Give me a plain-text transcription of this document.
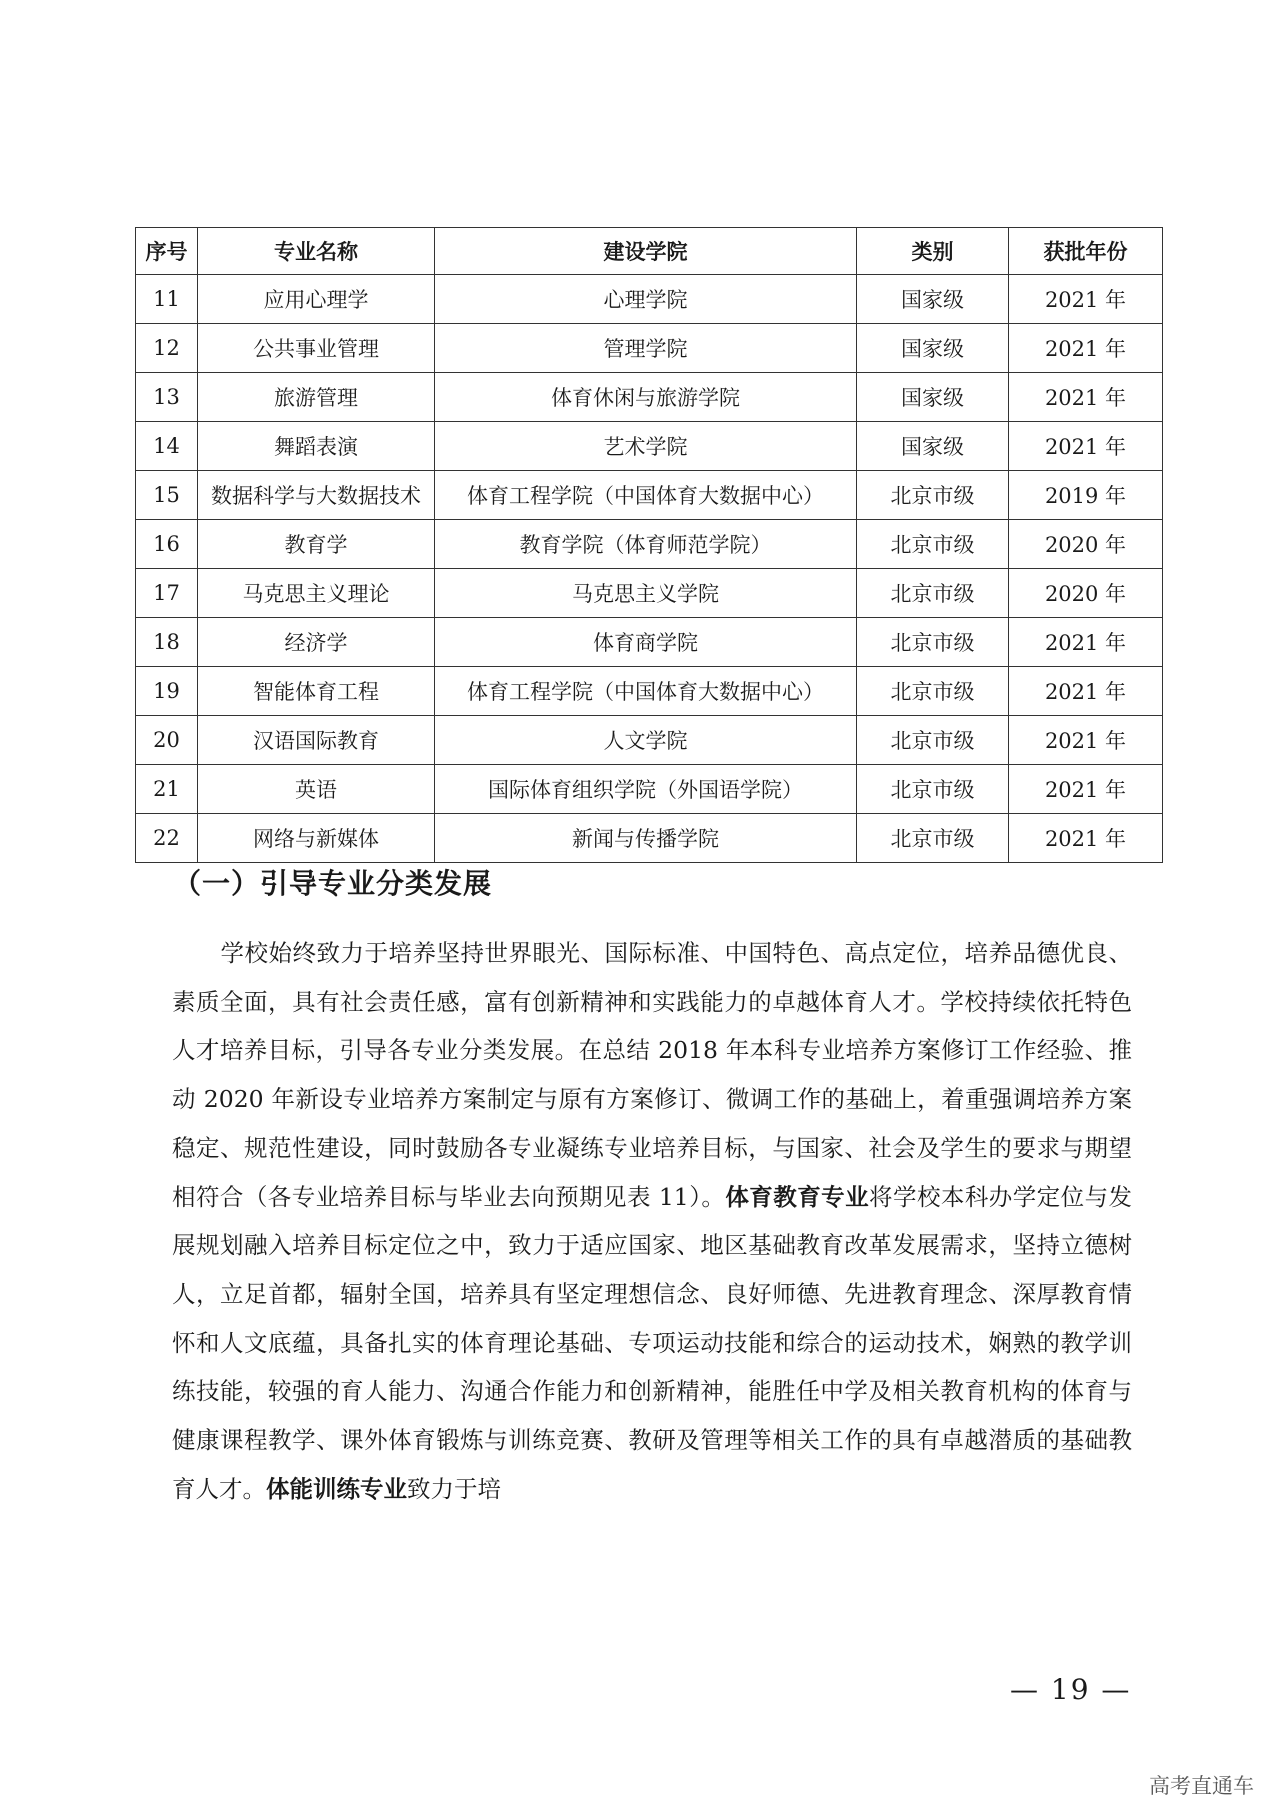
序号	专业名称	建设学院	类别	获批年份
11	应用心理学	心理学院	国家级	2021 年
12	公共事业管理	管理学院	国家级	2021 年
13	旅游管理	体育休闲与旅游学院	国家级	2021 年
14	舞蹈表演	艺术学院	国家级	2021 年
15	数据科学与大数据技术	体育工程学院（中国体育大数据中心）	北京市级	2019 年
16	教育学	教育学院（体育师范学院）	北京市级	2020 年
17	马克思主义理论	马克思主义学院	北京市级	2020 年
18	经济学	体育商学院	北京市级	2021 年
19	智能体育工程	体育工程学院（中国体育大数据中心）	北京市级	2021 年
20	汉语国际教育	人文学院	北京市级	2021 年
21	英语	国际体育组织学院（外国语学院）	北京市级	2021 年
22	网络与新媒体	新闻与传播学院	北京市级	2021 年
（一）引导专业分类发展

学校始终致力于培养坚持世界眼光、国际标准、中国特色、高点定位，培养品德优良、素质全面，具有社会责任感，富有创新精神和实践能力的卓越体育人才。学校持续依托特色人才培养目标，引导各专业分类发展。在总结 2018 年本科专业培养方案修订工作经验、推动 2020 年新设专业培养方案制定与原有方案修订、微调工作的基础上，着重强调培养方案稳定、规范性建设，同时鼓励各专业凝练专业培养目标，与国家、社会及学生的要求与期望相符合（各专业培养目标与毕业去向预期见表 11）。体育教育专业将学校本科办学定位与发展规划融入培养目标定位之中，致力于适应国家、地区基础教育改革发展需求，坚持立德树人，立足首都，辐射全国，培养具有坚定理想信念、良好师德、先进教育理念、深厚教育情怀和人文底蕴，具备扎实的体育理论基础、专项运动技能和综合的运动技术，娴熟的教学训练技能，较强的育人能力、沟通合作能力和创新精神，能胜任中学及相关教育机构的体育与健康课程教学、课外体育锻炼与训练竞赛、教研及管理等相关工作的具有卓越潜质的基础教育人才。体能训练专业致力于培

— 19 —
高考直通车
